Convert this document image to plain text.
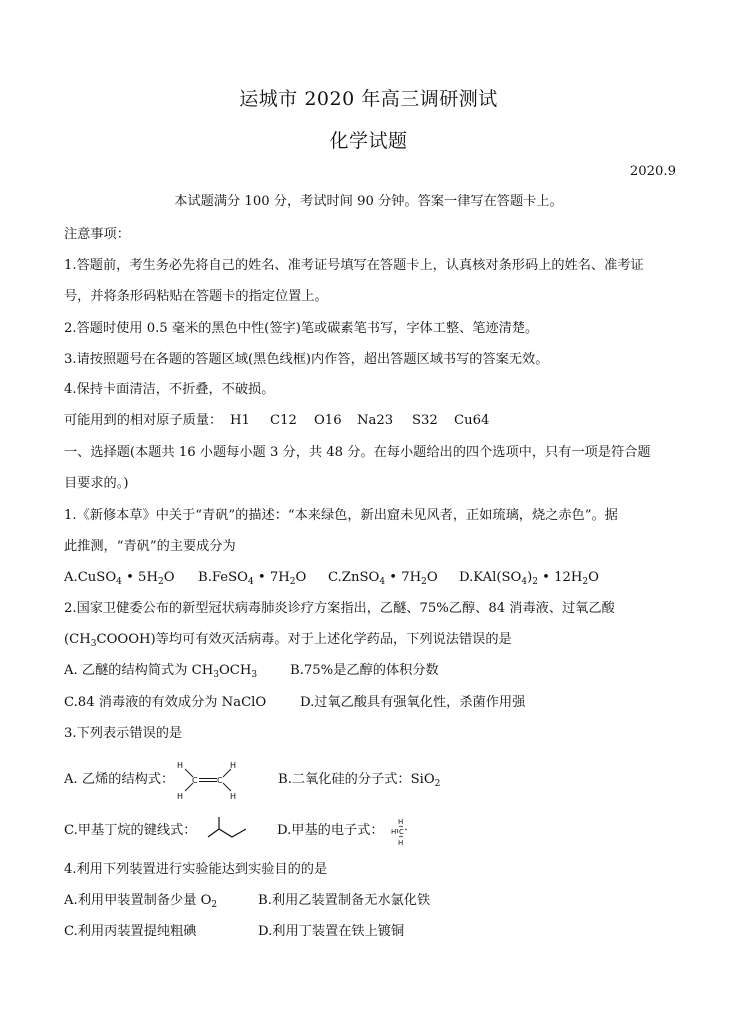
运城市 2020 年高三调研测试
化学试题
2020.9
本试题满分 100 分，考试时间 90 分钟。答案一律写在答题卡上。
注意事项：
1.答题前，考生务必先将自己的姓名、准考证号填写在答题卡上，认真核对条形码上的姓名、准考证
号，并将条形码粘贴在答题卡的指定位置上。
2.答题时使用 0.5 毫米的黑色中性(签字)笔或碳素笔书写，字体工整、笔迹清楚。
3.请按照题号在各题的答题区域(黑色线框)内作答，超出答题区域书写的答案无效。
4.保持卡面清洁，不折叠，不破损。
可能用到的相对原子质量： H1 C12 O16 Na23 S32 Cu64
一、选择题(本题共 16 小题每小题 3 分，共 48 分。在每小题给出的四个选项中，只有一项是符合题
目要求的。)
1.《新修本草》中关于“青矾”的描述：“本来绿色，新出窟未见风者，正如琉璃，烧之赤色”。据
此推测，“青矾”的主要成分为
A.CuSO$_4$ • $5H_2O$ B.FeSO$_4$ • $7H_2O$ C.ZnSO$_4$ • $7H_2O$ $D.KAl(SO_4)_2$ • $12H_2O$
2.国家卫健委公布的新型冠状病毒肺炎诊疗方案指出，乙醚、75%乙醇、84 消毒液、过氧乙酸
$(CH_3COOOH)$等均可有效灭活病毒。对于上述化学药品，下列说法错误的是
A. 乙醚的结构简式为 $CH_3OCH_3$ B.75%是乙醇的体积分数
C.84 消毒液的有效成分为 NaClO	D.过氧乙酸具有强氧化性，杀菌作用强
3.下列表示错误的是
A. 乙烯的结构式：
H
H
C C
H
H
B.二氧化硅的分子式：SiO$_2$
C.甲基丁烷的键线式：	D.甲基的电子式：
H
H C
H
4.利用下列装置进行实验能达到实验目的的是
A.利用甲装置制备少量 $O_2$	B.利用乙装置制备无水氯化铁
C.利用丙装置提纯粗碘	D.利用丁装置在铁上镀铜
